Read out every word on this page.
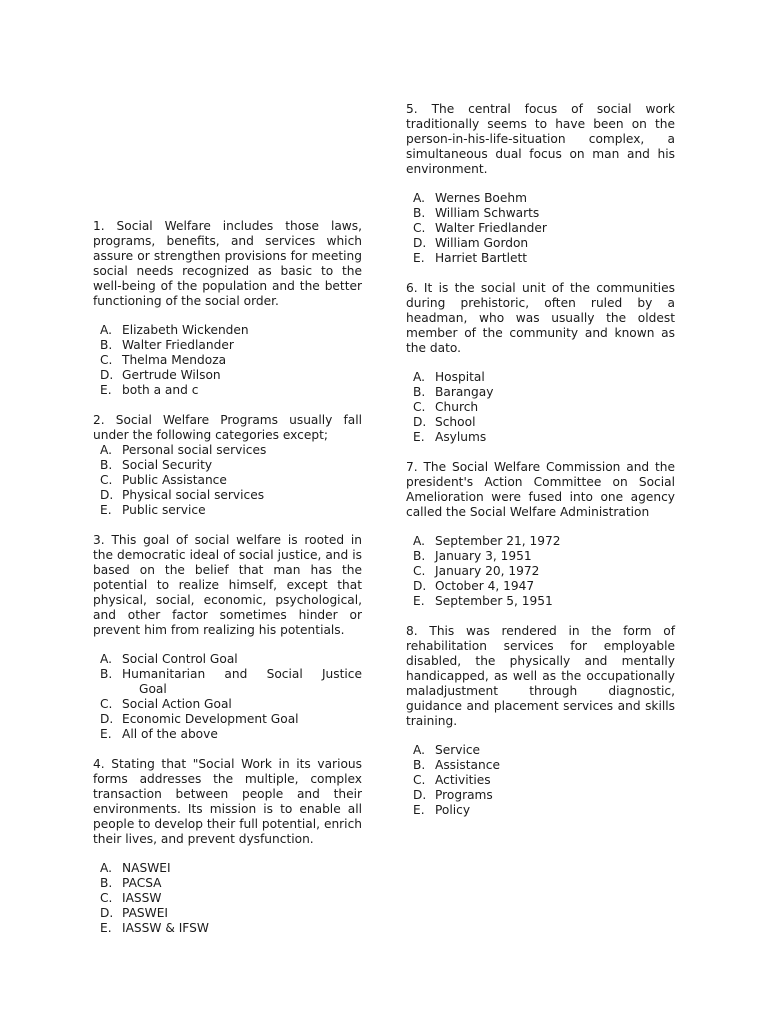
1. Social Welfare includes those laws, programs, benefits, and services which assure or strengthen provisions for meeting social needs recognized as basic to the well-being of the population and the better functioning of the social order.

A. Elizabeth Wickenden
B. Walter Friedlander
C. Thelma Mendoza
D. Gertrude Wilson
E. both a and c

2. Social Welfare Programs usually fall under the following categories except;

A. Personal social services
B. Social Security
C. Public Assistance
D. Physical social services
E. Public service

3. This goal of social welfare is rooted in the democratic ideal of social justice, and is based on the belief that man has the potential to realize himself, except that physical, social, economic, psychological, and other factor sometimes hinder or prevent him from realizing his potentials.

A. Social Control Goal
B. Humanitarian and Social Justice
Goal
C. Social Action Goal
D. Economic Development Goal
E. All of the above

4. Stating that "Social Work in its various forms addresses the multiple, complex transaction between people and their environments. Its mission is to enable all people to develop their full potential, enrich their lives, and prevent dysfunction.

A. NASWEI
B. PACSA
C. IASSW
D. PASWEI
E. IASSW & IFSW

5. The central focus of social work traditionally seems to have been on the person-in-his-life-situation complex, a simultaneous dual focus on man and his environment.

A. Wernes Boehm
B. William Schwarts
C. Walter Friedlander
D. William Gordon
E. Harriet Bartlett

6. It is the social unit of the communities during prehistoric, often ruled by a headman, who was usually the oldest member of the community and known as the dato.

A. Hospital
B. Barangay
C. Church
D. School
E. Asylums

7. The Social Welfare Commission and the president's Action Committee on Social Amelioration were fused into one agency called the Social Welfare Administration

A. September 21, 1972
B. January 3, 1951
C. January 20, 1972
D. October 4, 1947
E. September 5, 1951

8. This was rendered in the form of rehabilitation services for employable disabled, the physically and mentally handicapped, as well as the occupationally maladjustment through diagnostic, guidance and placement services and skills training.

A. Service
B. Assistance
C. Activities
D. Programs
E. Policy
